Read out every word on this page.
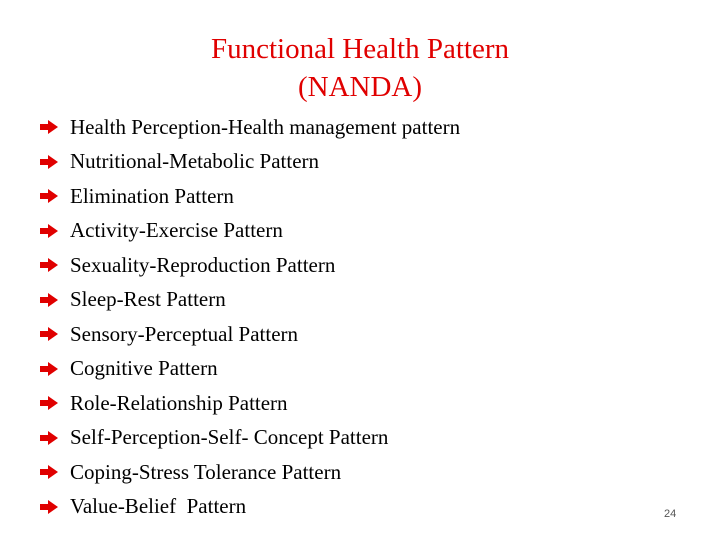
Functional Health Pattern
(NANDA)
Health Perception-Health management pattern
Nutritional-Metabolic Pattern
Elimination Pattern
Activity-Exercise Pattern
Sexuality-Reproduction Pattern
Sleep-Rest Pattern
Sensory-Perceptual Pattern
Cognitive Pattern
Role-Relationship Pattern
Self-Perception-Self- Concept Pattern
Coping-Stress Tolerance Pattern
Value-Belief  Pattern	24
